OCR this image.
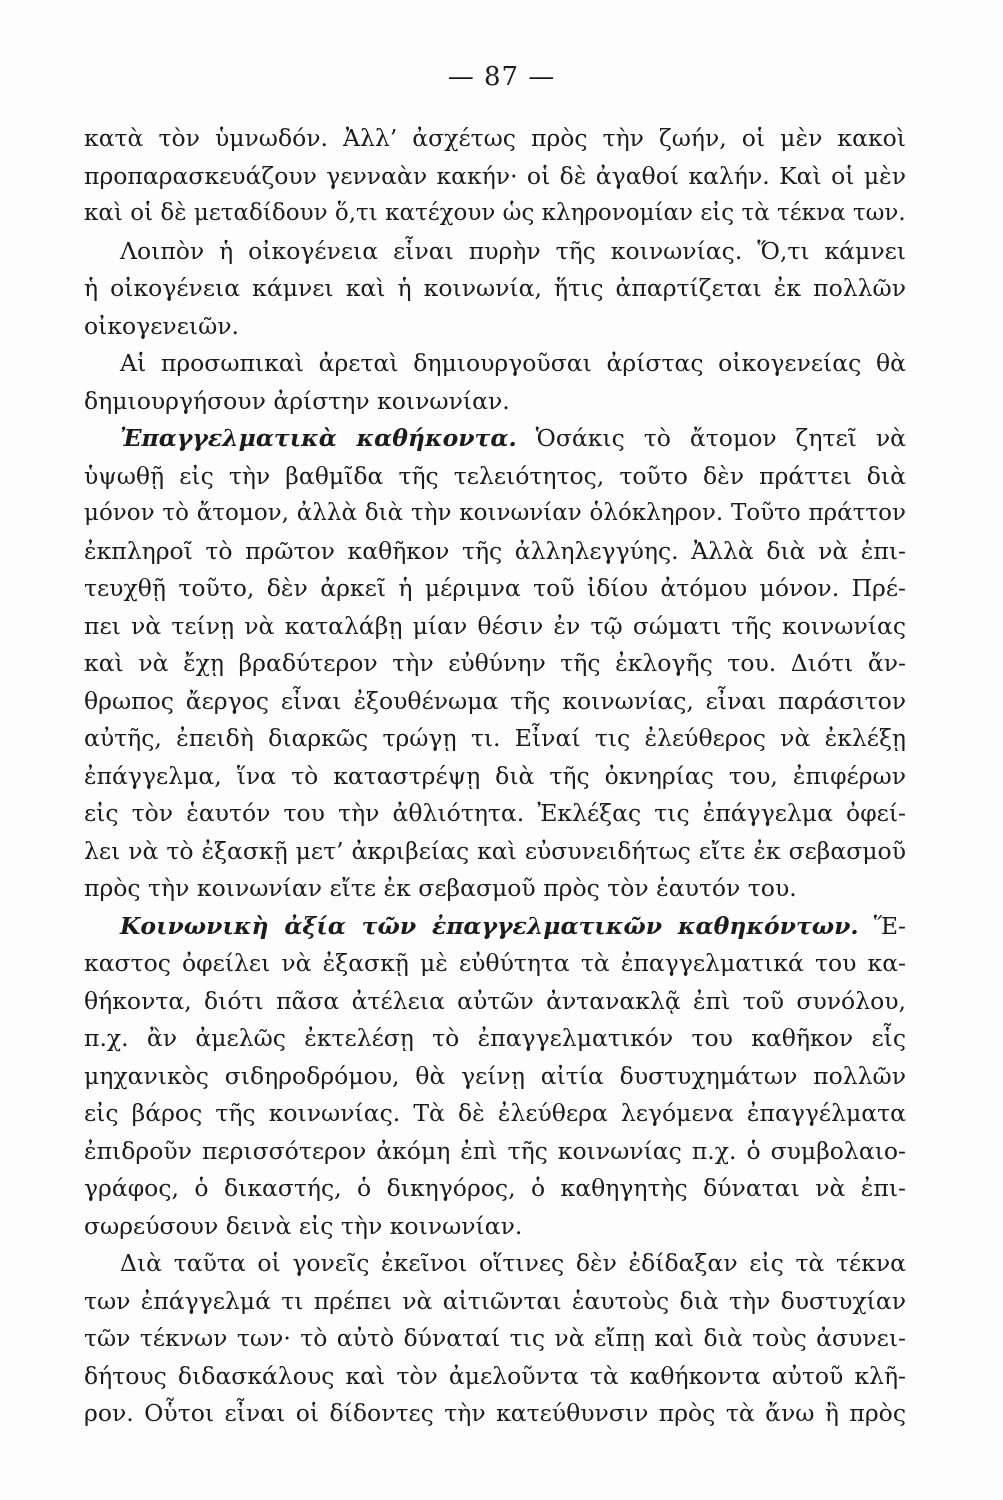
— 87 —
κατὰ τὸν ὑμνωδόν. Ἀλλ’ ἀσχέτως πρὸς τὴν ζωήν, οἱ μὲν κακοὶ
προπαρασκευάζουν γενναὰν κακήν· οἱ δὲ ἀγαθοί καλήν. Καὶ οἱ μὲν
καὶ οἱ δὲ μεταδίδουν ὅ,τι κατέχουν ὡς κληρονομίαν εἰς τὰ τέκνα των.
Λοιπὸν ἡ οἰκογένεια εἶναι πυρὴν τῆς κοινωνίας. Ὅ,τι κάμνει
ἡ οἰκογένεια κάμνει καὶ ἡ κοινωνία, ἥτις ἀπαρτίζεται ἐκ πολλῶν
οἰκογενειῶν.
Αἱ προσωπικαὶ ἀρεταὶ δημιουργοῦσαι ἀρίστας οἰκογενείας θὰ
δημιουργήσουν ἀρίστην κοινωνίαν.
Ἐπαγγελματικὰ καθήκοντα. Ὁσάκις τὸ ἄτομον ζητεῖ νὰ
ὑψωθῇ εἰς τὴν βαθμῖδα τῆς τελειότητος, τοῦτο δὲν πράττει διὰ
μόνον τὸ ἄτομον, ἀλλὰ διὰ τὴν κοινωνίαν ὁλόκληρον. Τοῦτο πράττον
ἐκπληροῖ τὸ πρῶτον καθῆκον τῆς ἀλληλεγγύης. Ἀλλὰ διὰ νὰ ἐπι-
τευχθῇ τοῦτο, δὲν ἀρκεῖ ἡ μέριμνα τοῦ ἰδίου ἀτόμου μόνον. Πρέ-
πει νὰ τείνῃ νὰ καταλάβῃ μίαν θέσιν ἐν τῷ σώματι τῆς κοινωνίας
καὶ νὰ ἔχῃ βραδύτερον τὴν εὐθύνην τῆς ἐκλογῆς του. Διότι ἄν-
θρωπος ἄεργος εἶναι ἐξουθένωμα τῆς κοινωνίας, εἶναι παράσιτον
αὐτῆς, ἐπειδὴ διαρκῶς τρώγῃ τι. Εἶναί τις ἐλεύθερος νὰ ἐκλέξῃ
ἐπάγγελμα, ἵνα τὸ καταστρέψῃ διὰ τῆς ὀκνηρίας του, ἐπιφέρων
εἰς τὸν ἑαυτόν του τὴν ἀθλιότητα. Ἐκλέξας τις ἐπάγγελμα ὀφεί-
λει νὰ τὸ ἐξασκῇ μετ’ ἀκριβείας καὶ εὐσυνειδήτως εἴτε ἐκ σεβασμοῦ
πρὸς τὴν κοινωνίαν εἴτε ἐκ σεβασμοῦ πρὸς τὸν ἑαυτόν του.
Κοινωνικὴ ἀξία τῶν ἐπαγγελματικῶν καθηκόντων. Ἕ-
καστος ὀφείλει νὰ ἐξασκῇ μὲ εὐθύτητα τὰ ἐπαγγελματικά του κα-
θήκοντα, διότι πᾶσα ἀτέλεια αὐτῶν ἀντανακλᾷ ἐπὶ τοῦ συνόλου,
π.χ. ἂν ἀμελῶς ἐκτελέσῃ τὸ ἐπαγγελματικόν του καθῆκον εἷς
μηχανικὸς σιδηροδρόμου, θὰ γείνῃ αἰτία δυστυχημάτων πολλῶν
εἰς βάρος τῆς κοινωνίας. Τὰ δὲ ἐλεύθερα λεγόμενα ἐπαγγέλματα
ἐπιδροῦν περισσότερον ἀκόμη ἐπὶ τῆς κοινωνίας π.χ. ὁ συμβολαιο-
γράφος, ὁ δικαστής, ὁ δικηγόρος, ὁ καθηγητὴς δύναται νὰ ἐπι-
σωρεύσουν δεινὰ εἰς τὴν κοινωνίαν.
Διὰ ταῦτα οἱ γονεῖς ἐκεῖνοι οἵτινες δὲν ἐδίδαξαν εἰς τὰ τέκνα
των ἐπάγγελμά τι πρέπει νὰ αἰτιῶνται ἑαυτοὺς διὰ τὴν δυστυχίαν
τῶν τέκνων των· τὸ αὐτὸ δύναταί τις νὰ εἴπῃ καὶ διὰ τοὺς ἀσυνει-
δήτους διδασκάλους καὶ τὸν ἀμελοῦντα τὰ καθήκοντα αὐτοῦ κλῆ-
ρον. Οὗτοι εἶναι οἱ δίδοντες τὴν κατεύθυνσιν πρὸς τὰ ἄνω ἢ πρὸς
